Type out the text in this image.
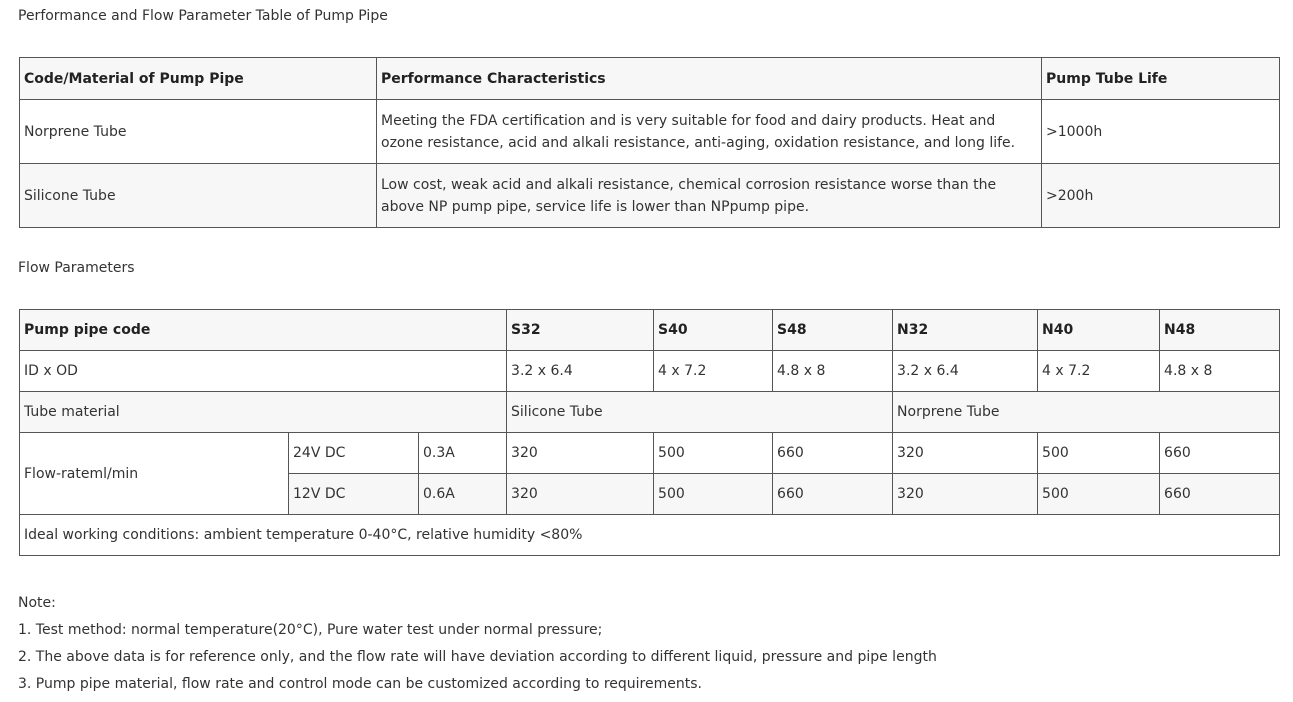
Performance and Flow Parameter Table of Pump Pipe
Code/Material of Pump Pipe	Performance Characteristics	Pump Tube Life
Norprene Tube	Meeting the FDA certification and is very suitable for food and dairy products. Heat and ozone resistance, acid and alkali resistance, anti-aging, oxidation resistance, and long life.	>1000h
Silicone Tube	Low cost, weak acid and alkali resistance, chemical corrosion resistance worse than the above NP pump pipe, service life is lower than NPpump pipe.	>200h
Flow Parameters
Pump pipe code			S32	S40	S48	N32	N40	N48
ID x OD			3.2 x 6.4	4 x 7.2	4.8 x 8	3.2 x 6.4	4 x 7.2	4.8 x 8
Tube material			Silicone Tube			Norprene Tube		
Flow-rateml/min	24V DC	0.3A	320	500	660	320	500	660
	12V DC	0.6A	320	500	660	320	500	660
Ideal working conditions: ambient temperature 0-40°C, relative humidity <80%								
Note:
1. Test method: normal temperature(20°C), Pure water test under normal pressure;
2. The above data is for reference only, and the flow rate will have deviation according to different liquid, pressure and pipe length
3. Pump pipe material, flow rate and control mode can be customized according to requirements.
